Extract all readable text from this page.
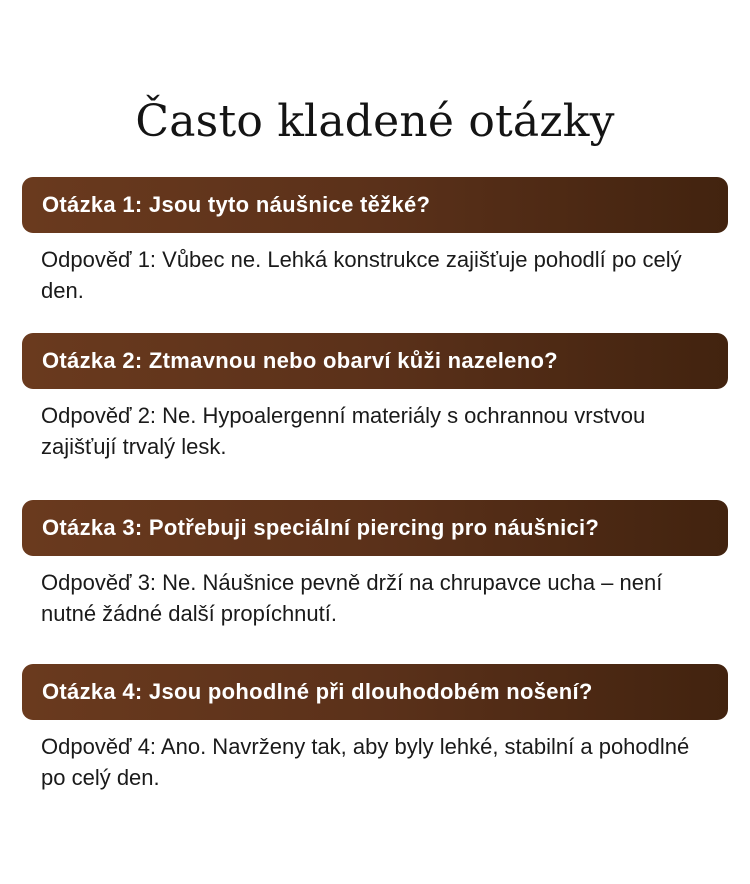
Často kladené otázky
Otázka 1: Jsou tyto náušnice těžké?
Odpověď 1: Vůbec ne. Lehká konstrukce zajišťuje pohodlí po celý den.
Otázka 2: Ztmavnou nebo obarví kůži nazeleno?
Odpověď 2: Ne. Hypoalergenní materiály s ochrannou vrstvou zajišťují trvalý lesk.
Otázka 3: Potřebuji speciální piercing pro náušnici?
Odpověď 3: Ne. Náušnice pevně drží na chrupavce ucha – není nutné žádné další propíchnutí.
Otázka 4: Jsou pohodlné při dlouhodobém nošení?
Odpověď 4: Ano. Navrženy tak, aby byly lehké, stabilní a pohodlné po celý den.
